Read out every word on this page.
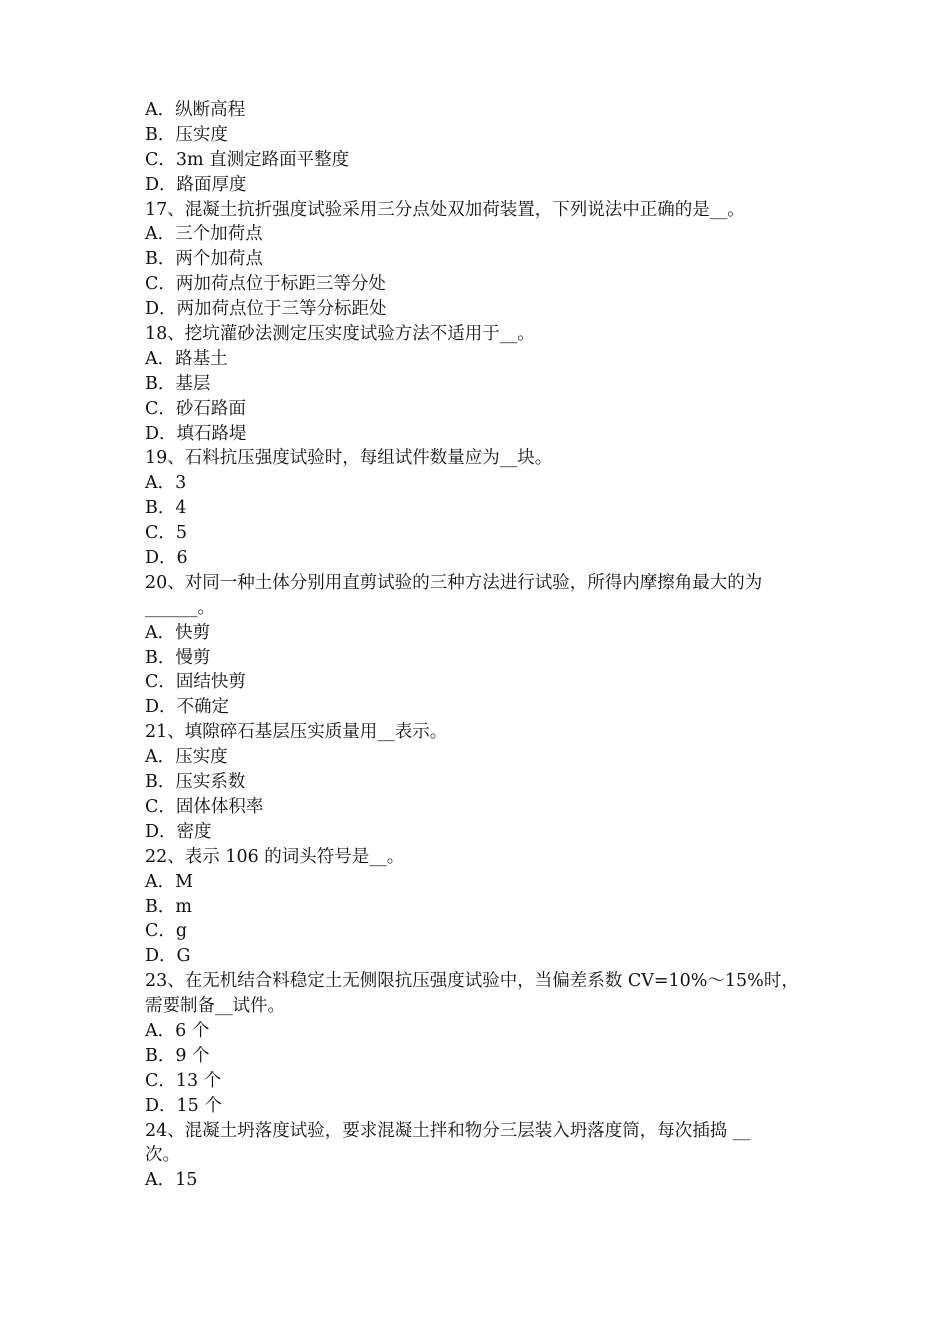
A．纵断高程
B．压实度
C．3m 直测定路面平整度
D．路面厚度
17、混凝土抗折强度试验采用三分点处双加荷装置，下列说法中正确的是__。
A．三个加荷点
B．两个加荷点
C．两加荷点位于标距三等分处
D．两加荷点位于三等分标距处
18、挖坑灌砂法测定压实度试验方法不适用于__。
A．路基土
B．基层
C．砂石路面
D．填石路堤
19、石料抗压强度试验时，每组试件数量应为__块。
A．3
B．4
C．5
D．6
20、对同一种土体分别用直剪试验的三种方法进行试验，所得内摩擦角最大的为
______。
A．快剪
B．慢剪
C．固结快剪
D．不确定
21、填隙碎石基层压实质量用__表示。
A．压实度
B．压实系数
C．固体体积率
D．密度
22、表示 106 的词头符号是__。
A．M
B．m
C．g
D．G
23、在无机结合料稳定土无侧限抗压强度试验中，当偏差系数 CV=10%～15%时，
需要制备__试件。
A．6 个
B．9 个
C．13 个
D．15 个
24、混凝土坍落度试验，要求混凝土拌和物分三层装入坍落度筒，每次插捣 __
次。
A．15
